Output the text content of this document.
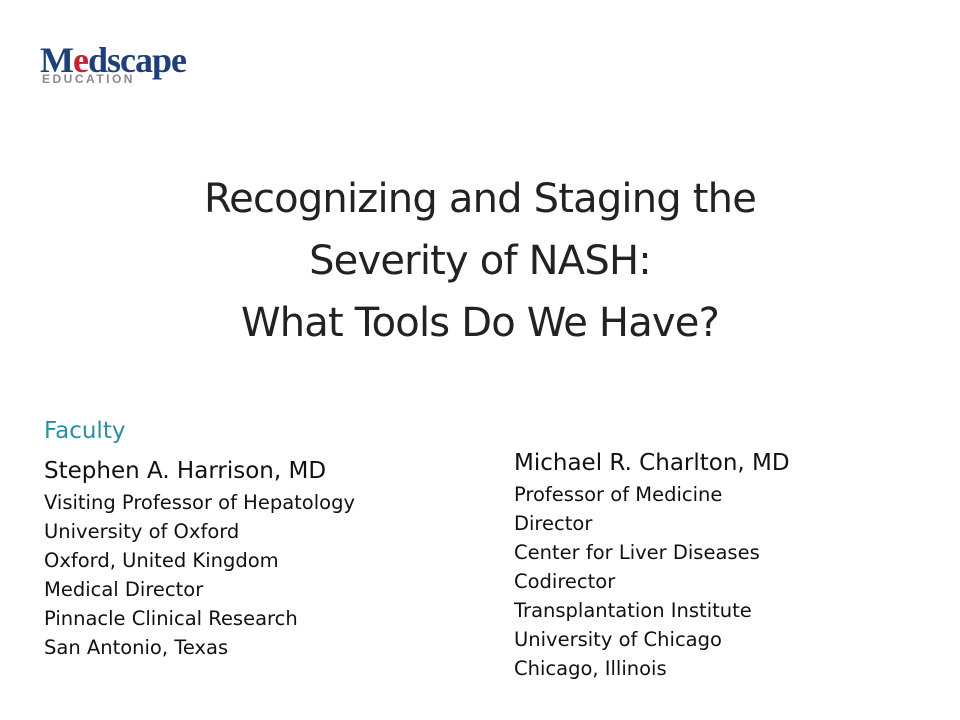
Medscape
EDUCATION
Recognizing and Staging the
Severity of NASH:
What Tools Do We Have?
Faculty
Stephen A. Harrison, MD
Visiting Professor of Hepatology
University of Oxford
Oxford, United Kingdom
Medical Director
Pinnacle Clinical Research
San Antonio, Texas
Michael R. Charlton, MD
Professor of Medicine
Director
Center for Liver Diseases
Codirector
Transplantation Institute
University of Chicago
Chicago, Illinois
